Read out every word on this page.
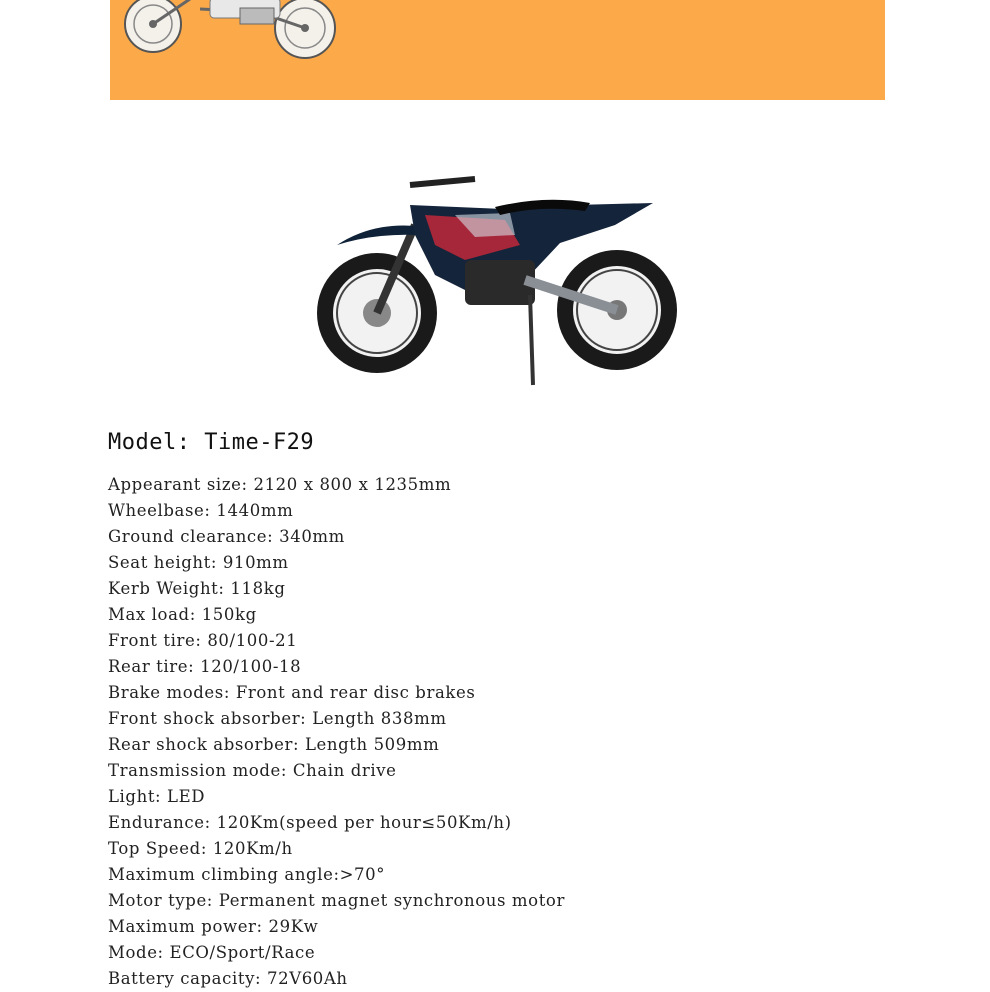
Model: Time-F29
Appearant size: 2120 x 800 x 1235mm
Wheelbase: 1440mm
Ground clearance: 340mm
Seat height: 910mm
Kerb Weight: 118kg
Max load: 150kg
Front tire: 80/100-21
Rear tire: 120/100-18
Brake modes: Front and rear disc brakes
Front shock absorber: Length 838mm
Rear shock absorber: Length 509mm
Transmission mode: Chain drive
Light: LED
Endurance: 120Km(speed per hour≤50Km/h)
Top Speed: 120Km/h
Maximum climbing angle:>70°
Motor type: Permanent magnet synchronous motor
Maximum power: 29Kw
Mode: ECO/Sport/Race
Battery capacity: 72V60Ah
